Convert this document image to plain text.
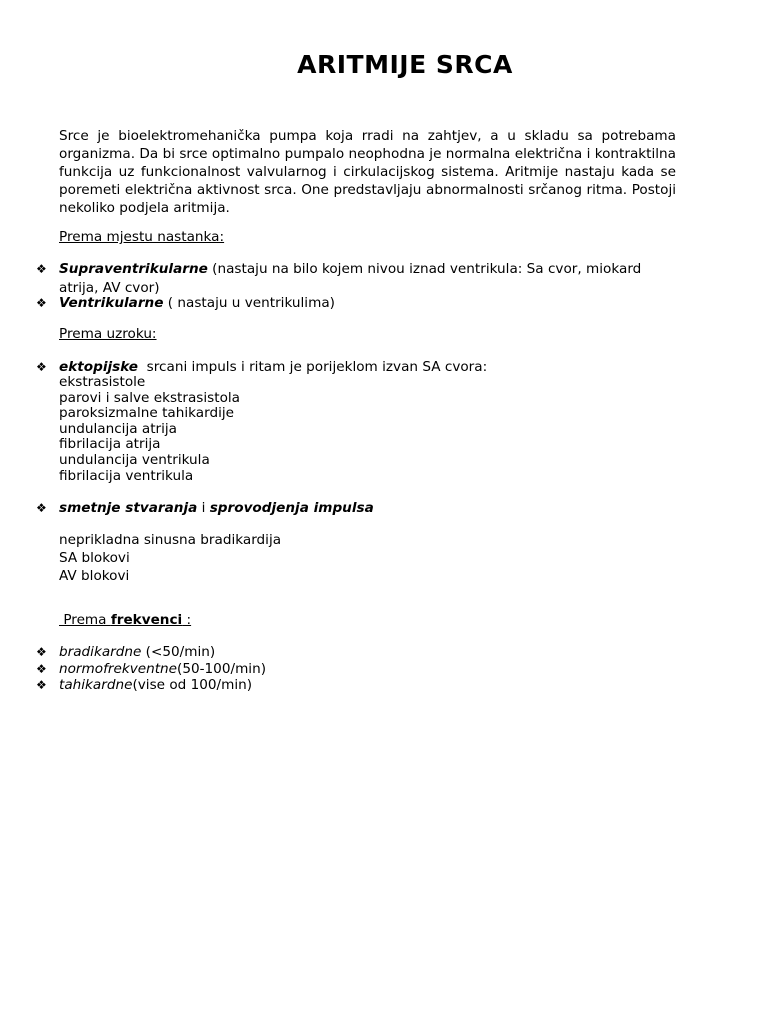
ARITMIJE SRCA

Srce je bioelektromehanička pumpa koja rradi na zahtjev, a u skladu sa potrebama organizma. Da bi srce optimalno pumpalo neophodna je normalna električna i kontraktilna funkcija uz funkcionalnost valvularnog i cirkulacijskog sistema. Aritmije nastaju kada se poremeti električna aktivnost srca. One predstavljaju abnormalnosti srčanog ritma. Postoji nekoliko podjela aritmija.

Prema mjestu nastanka:

❖ Supraventrikularne (nastaju na bilo kojem nivou iznad ventrikula: Sa cvor, miokard
atrija, AV cvor)
❖ Ventrikularne ( nastaju u ventrikulima)

Prema uzroku:

❖ ektopijske  srcani impuls i ritam je porijeklom izvan SA cvora:
ekstrasistole
parovi i salve ekstrasistola
paroksizmalne tahikardije
undulancija atrija
fibrilacija atrija
undulancija ventrikula
fibrilacija ventrikula
❖ smetnje stvaranja i sprovodjenja impulsa
neprikladna sinusna bradikardija
SA blokovi
AV blokovi

Prema frekvenci :

❖ bradikardne (<50/min)
❖ normofrekventne(50-100/min)
❖ tahikardne(vise od 100/min)
